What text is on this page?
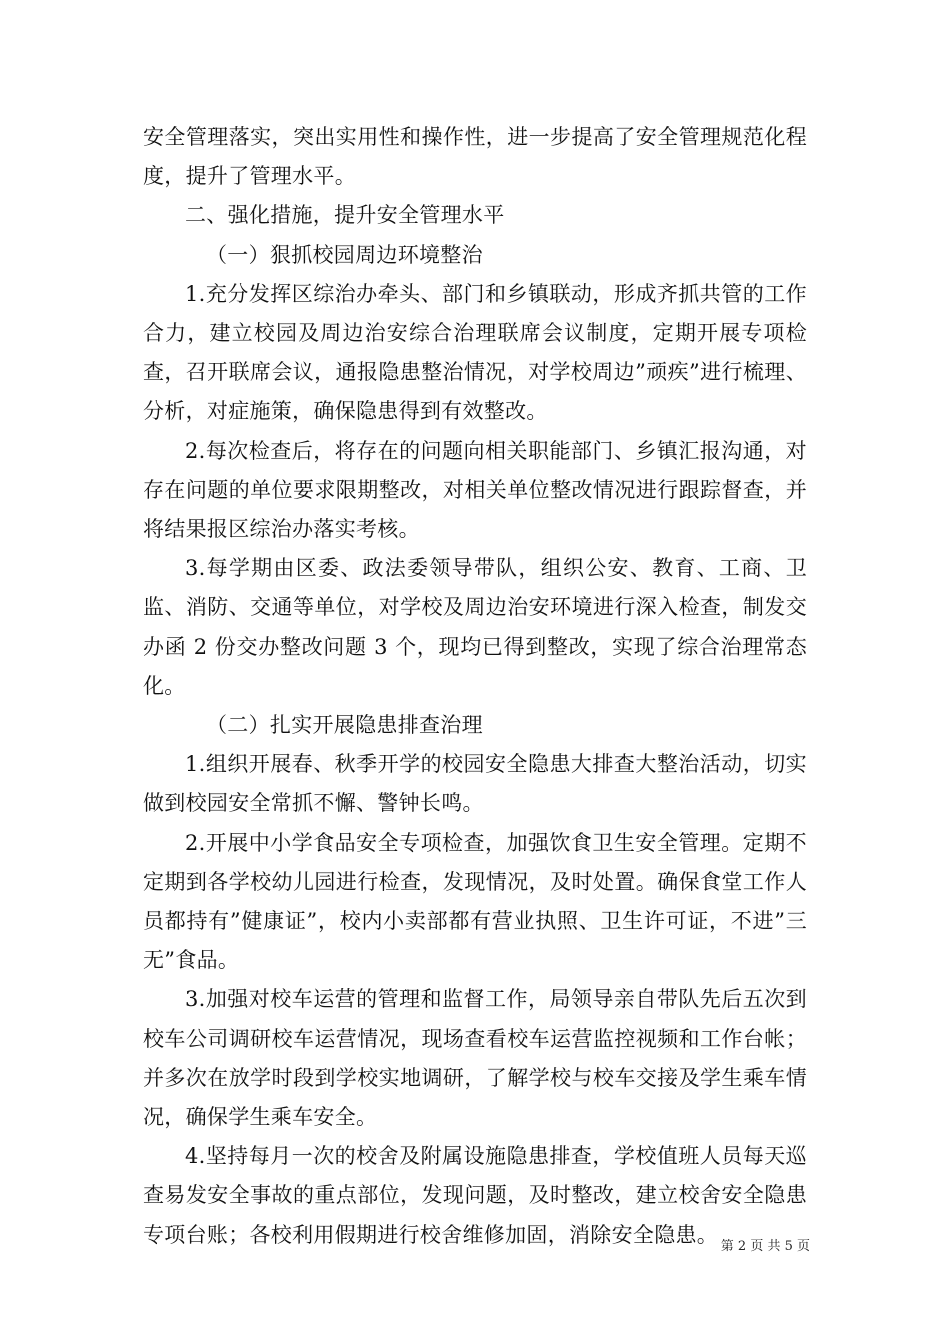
安全管理落实，突出实用性和操作性，进一步提高了安全管理规范化程度，提升了管理水平。

二、强化措施，提升安全管理水平

（一）狠抓校园周边环境整治

1.充分发挥区综治办牵头、部门和乡镇联动，形成齐抓共管的工作合力，建立校园及周边治安综合治理联席会议制度，定期开展专项检查，召开联席会议，通报隐患整治情况，对学校周边”顽疾”进行梳理、分析，对症施策，确保隐患得到有效整改。

2.每次检查后，将存在的问题向相关职能部门、乡镇汇报沟通，对存在问题的单位要求限期整改，对相关单位整改情况进行跟踪督查，并将结果报区综治办落实考核。

3.每学期由区委、政法委领导带队，组织公安、教育、工商、卫监、消防、交通等单位，对学校及周边治安环境进行深入检查，制发交办函 2 份交办整改问题 3 个，现均已得到整改，实现了综合治理常态化。

（二）扎实开展隐患排查治理

1.组织开展春、秋季开学的校园安全隐患大排查大整治活动，切实做到校园安全常抓不懈、警钟长鸣。

2.开展中小学食品安全专项检查，加强饮食卫生安全管理。定期不定期到各学校幼儿园进行检查，发现情况，及时处置。确保食堂工作人员都持有”健康证”，校内小卖部都有营业执照、卫生许可证，不进”三无”食品。

3.加强对校车运营的管理和监督工作，局领导亲自带队先后五次到校车公司调研校车运营情况，现场查看校车运营监控视频和工作台帐；并多次在放学时段到学校实地调研，了解学校与校车交接及学生乘车情况，确保学生乘车安全。

4.坚持每月一次的校舍及附属设施隐患排查，学校值班人员每天巡查易发安全事故的重点部位，发现问题，及时整改，建立校舍安全隐患专项台账；各校利用假期进行校舍维修加固，消除安全隐患。 第 2 页 共 5 页
